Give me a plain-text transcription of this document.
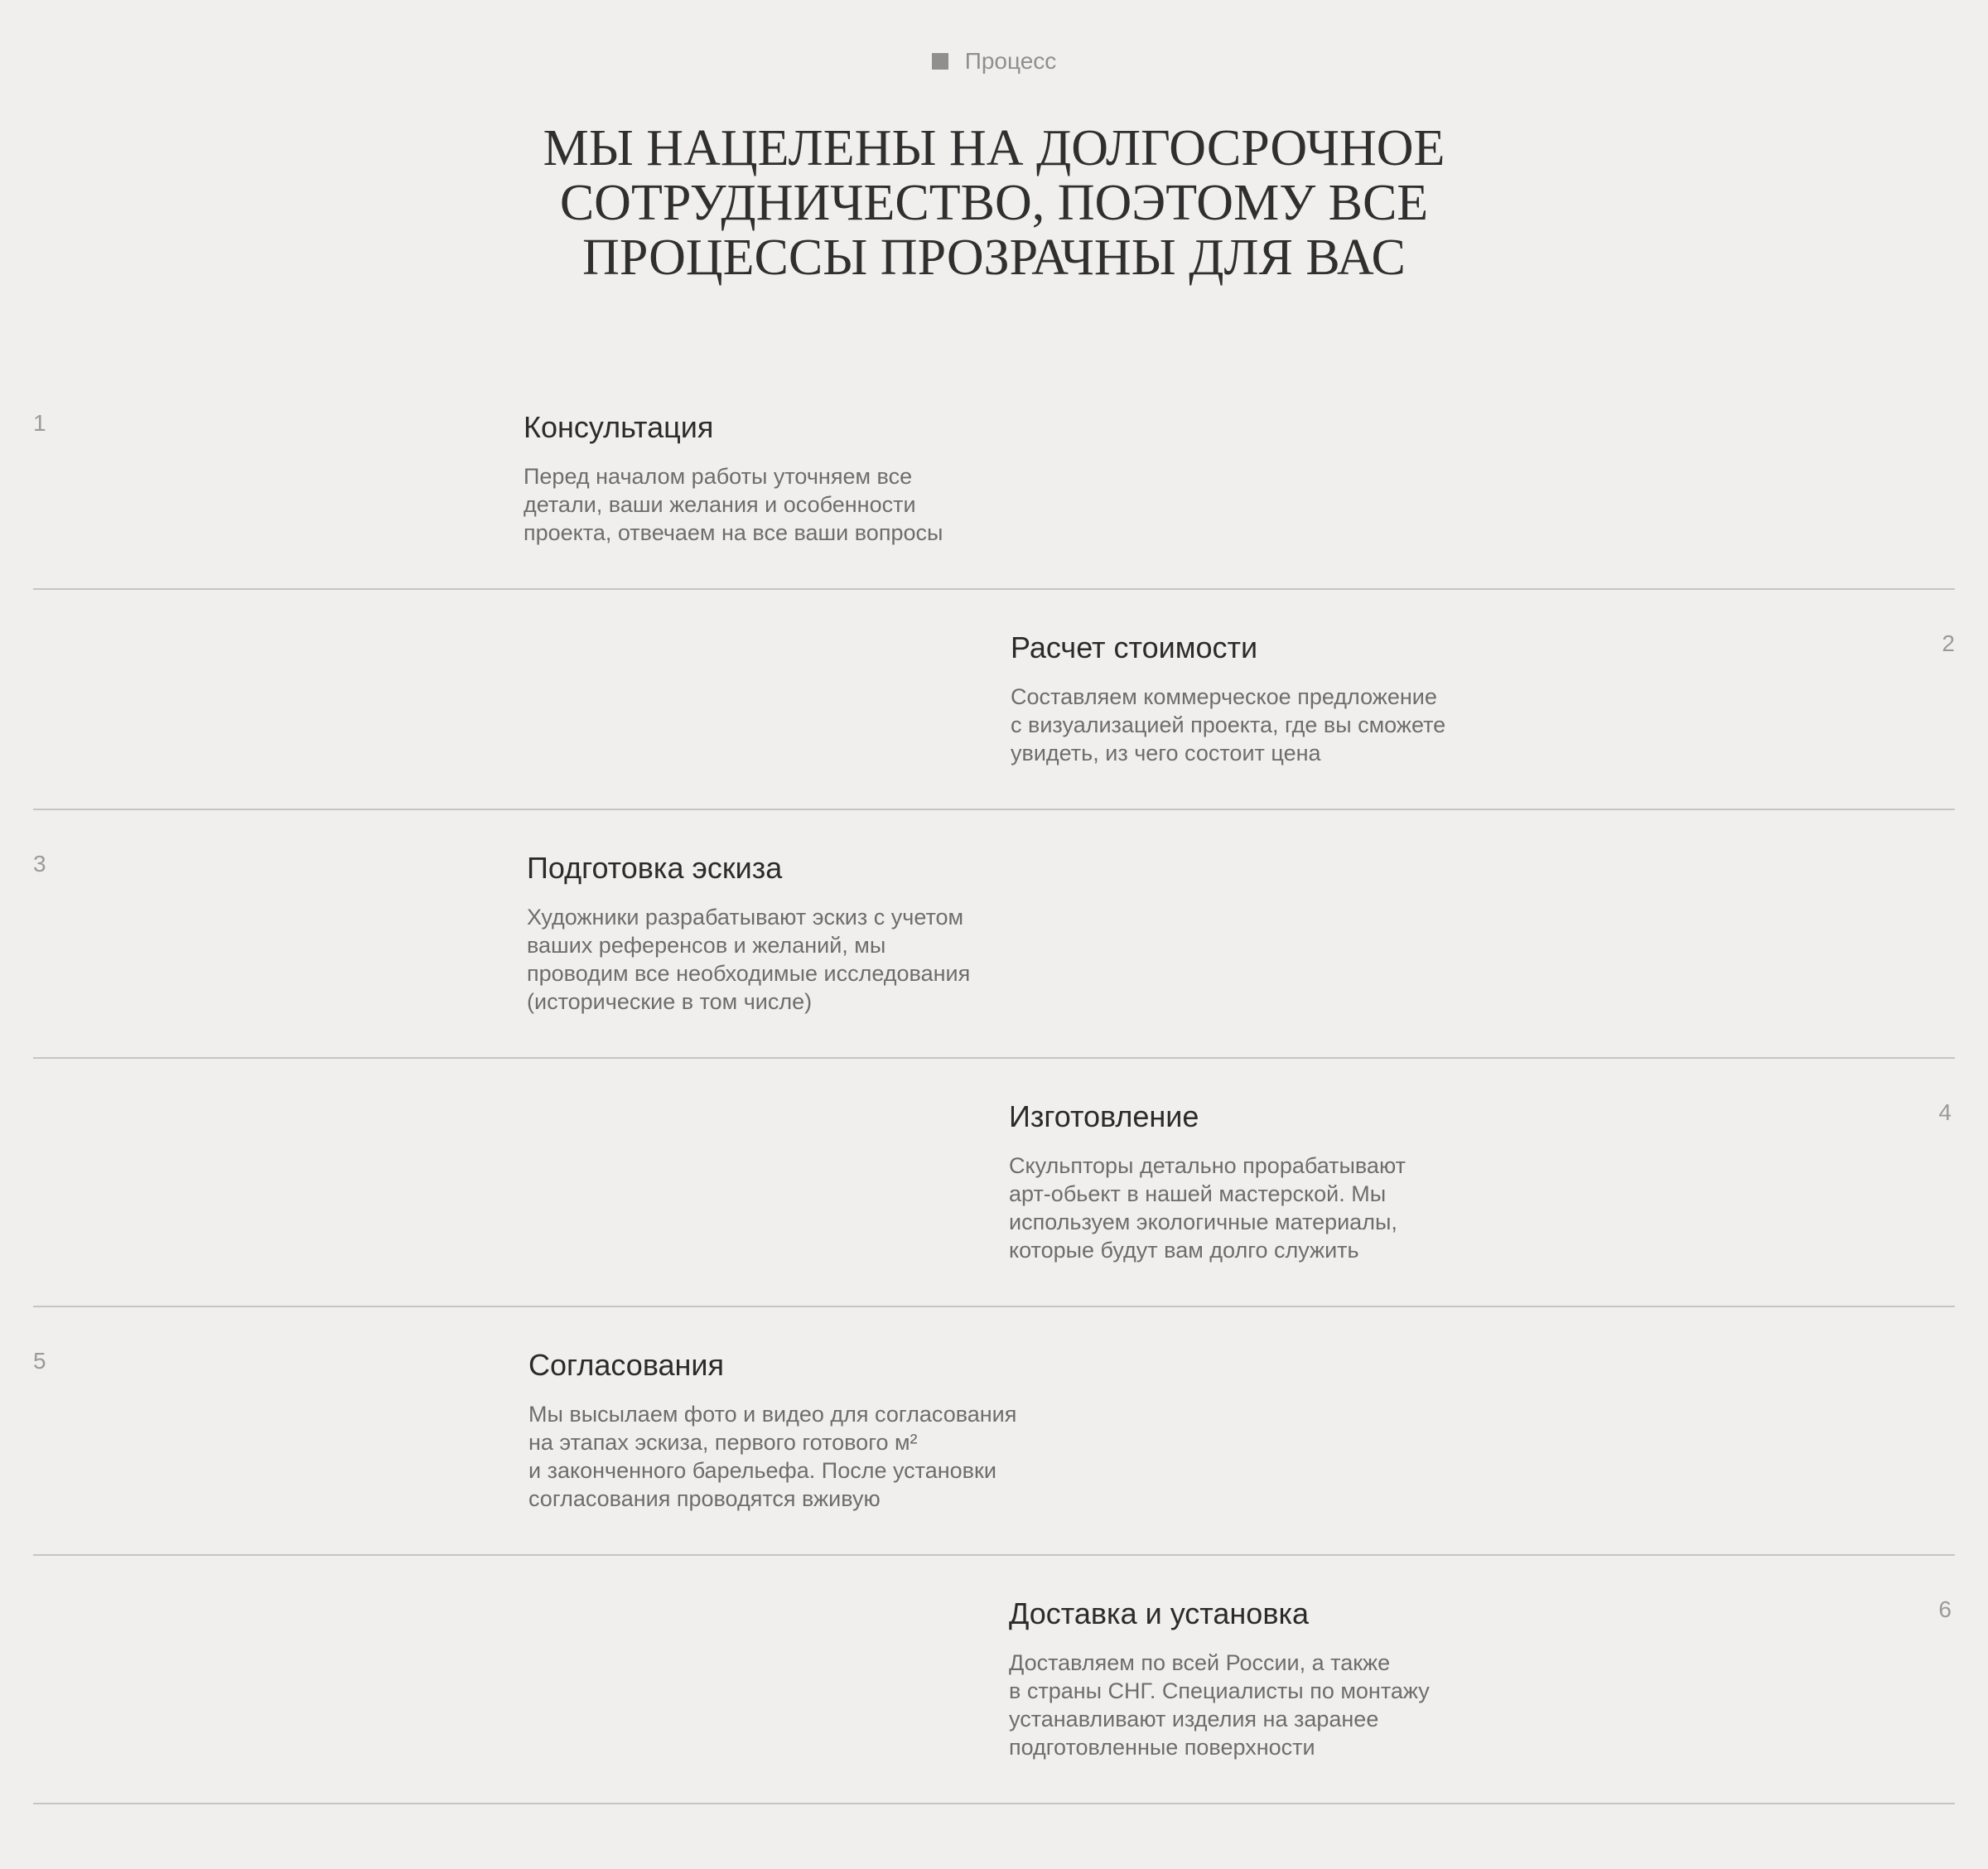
Процесс
МЫ НАЦЕЛЕНЫ НА ДОЛГОСРОЧНОЕ
СОТРУДНИЧЕСТВО, ПОЭТОМУ ВСЕ
ПРОЦЕССЫ ПРОЗРАЧНЫ ДЛЯ ВАС
1	Консультация

Перед началом работы уточняем все
детали, ваши желания и особенности
проекта, отвечаем на все ваши вопросы

2
Расчет стоимости

Составляем коммерческое предложение
с визуализацией проекта, где вы сможете
увидеть, из чего состоит цена

3	Подготовка эскиза

Художники разрабатывают эскиз с учетом
ваших референсов и желаний, мы
проводим все необходимые исследования
(исторические в том числе)

4
Изготовление

Скульпторы детально прорабатывают
арт-обьект в нашей мастерской. Мы
используем экологичные материалы,
которые будут вам долго служить

5	Согласования

Мы высылаем фото и видео для согласования
на этапах эскиза, первого готового м²
и законченного барельефа. После установки
согласования проводятся вживую

6
Доставка и установка

Доставляем по всей России, а также
в страны СНГ. Специалисты по монтажу
устанавливают изделия на заранее
подготовленные поверхности
